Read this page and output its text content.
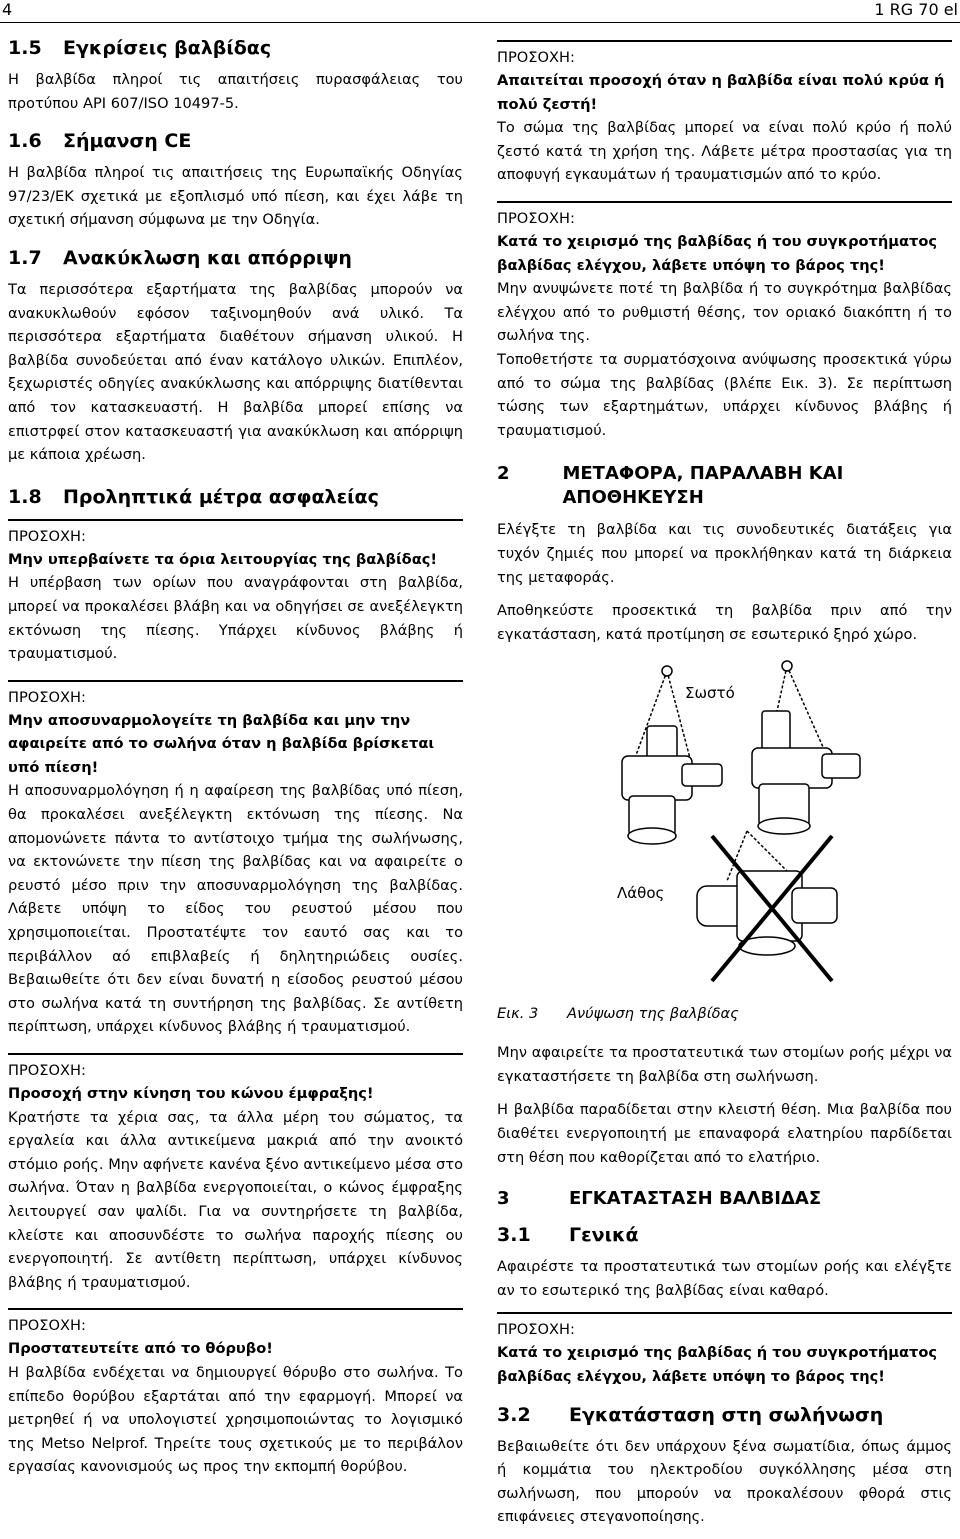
4	1 RG 70 el
1.5	Εγκρίσεις βαλβίδας

Η βαλβίδα πληροί τις απαιτήσεις πυρασφάλειας του προτύπου API 607/ISO 10497-5.

1.6	Σήμανση CE

Η βαλβίδα πληροί τις απαιτήσεις της Ευρωπαϊκής Οδηγίας 97/23/ΕΚ σχετικά με εξοπλισμό υπό πίεση, και έχει λάβε τη σχετική σήμανση σύμφωνα με την Οδηγία.

1.7	Ανακύκλωση και απόρριψη

Τα περισσότερα εξαρτήματα της βαλβίδας μπορούν να ανακυκλωθούν εφόσον ταξινομηθούν ανά υλικό. Τα περισσότερα εξαρτήματα διαθέτουν σήμανση υλικού. Η βαλβίδα συνοδεύεται από έναν κατάλογο υλικών. Επιπλέον, ξεχωριστές οδηγίες ανακύκλωσης και απόρριψης διατίθενται από τον κατασκευαστή. Η βαλβίδα μπορεί επίσης να επιστρφεί στον κατασκευαστή για ανακύκλωση και απόρριψη με κάποια χρέωση.

1.8	Προληπτικά μέτρα ασφαλείας
ΠΡΟΣΟΧΗ:

Μην υπερβαίνετε τα όρια λειτουργίας της βαλβίδας!

Η υπέρβαση των ορίων που αναγράφονται στη βαλβίδα, μπορεί να προκαλέσει βλάβη και να οδηγήσει σε ανεξέλεγκτη εκτόνωση της πίεσης. Υπάρχει κίνδυνος βλάβης ή τραυματισμού.

ΠΡΟΣΟΧΗ:

Μην αποσυναρμολογείτε τη βαλβίδα και μην την αφαιρείτε από το σωλήνα όταν η βαλβίδα βρίσκεται υπό πίεση!

Η αποσυναρμολόγηση ή η αφαίρεση της βαλβίδας υπό πίεση, θα προκαλέσει ανεξέλεγκτη εκτόνωση της πίεσης. Να απομονώνετε πάντα το αντίστοιχο τμήμα της σωλήνωσης, να εκτονώνετε την πίεση της βαλβίδας και να αφαιρείτε ο ρευστό μέσο πριν την αποσυναρμολόγηση της βαλβίδας. Λάβετε υπόψη το είδος του ρευστού μέσου που χρησιμοποιείται. Προστατέψτε τον εαυτό σας και το περιβάλλον αό επιβλαβείς ή δηλητηριώδεις ουσίες. Βεβαιωθείτε ότι δεν είναι δυνατή η είσοδος ρευστού μέσου στο σωλήνα κατά τη συντήρηση της βαλβίδας. Σε αντίθετη περίπτωση, υπάρχει κίνδυνος βλάβης ή τραυματισμού.

ΠΡΟΣΟΧΗ:

Προσοχή στην κίνηση του κώνου έμφραξης!

Κρατήστε τα χέρια σας, τα άλλα μέρη του σώματος, τα εργαλεία και άλλα αντικείμενα μακριά από την ανοικτό στόμιο ροής. Μην αφήνετε κανένα ξένο αντικείμενο μέσα στο σωλήνα. Όταν η βαλβίδα ενεργοποιείται, ο κώνος έμφραξης λειτουργεί σαν ψαλίδι. Για να συντηρήσετε τη βαλβίδα, κλείστε και αποσυνδέστε το σωλήνα παροχής πίεσης ου ενεργοποιητή. Σε αντίθετη περίπτωση, υπάρχει κίνδυνος βλάβης ή τραυματισμού.

ΠΡΟΣΟΧΗ:

Προστατευτείτε από το θόρυβο!

Η βαλβίδα ενδέχεται να δημιουργεί θόρυβο στο σωλήνα. Το επίπεδο θορύβου εξαρτάται από την εφαρμογή. Μπορεί να μετρηθεί ή να υπολογιστεί χρησιμοποιώντας το λογισμικό της Metso Nelprof. Τηρείτε τους σχετικούς με το περιβάλον εργασίας κανονισμούς ως προς την εκπομπή θορύβου.

ΠΡΟΣΟΧΗ:

Απαιτείται προσοχή όταν η βαλβίδα είναι πολύ κρύα ή πολύ ζεστή!

Το σώμα της βαλβίδας μπορεί να είναι πολύ κρύο ή πολύ ζεστό κατά τη χρήση της. Λάβετε μέτρα προστασίας για τη αποφυγή εγκαυμάτων ή τραυματισμών από το κρύο.

ΠΡΟΣΟΧΗ:

Κατά το χειρισμό της βαλβίδας ή του συγκροτήματος βαλβίδας ελέγχου, λάβετε υπόψη το βάρος της!

Μην ανυψώνετε ποτέ τη βαλβίδα ή το συγκρότημα βαλβίδας ελέγχου από το ρυθμιστή θέσης, τον οριακό διακόπτη ή το σωλήνα της.

Τοποθετήστε τα συρματόσχοινα ανύψωσης προσεκτικά γύρω από το σώμα της βαλβίδας (βλέπε Εικ. 3). Σε περίπτωση τώσης των εξαρτημάτων, υπάρχει κίνδυνος βλάβης ή τραυματισμού.

2	ΜΕΤΑΦΟΡΑ, ΠΑΡΑΛΑΒΗ ΚΑΙ ΑΠΟΘΗΚΕΥΣΗ

Ελέγξτε τη βαλβίδα και τις συνοδευτικές διατάξεις για τυχόν ζημιές που μπορεί να προκλήθηκαν κατά τη διάρκεια της μεταφοράς.

Αποθηκεύστε προσεκτικά τη βαλβίδα πριν από την εγκατάσταση, κατά προτίμηση σε εσωτερικό ξηρό χώρο.

Σωστό
Λάθος
Εικ. 3	Ανύψωση της βαλβίδας

Μην αφαιρείτε τα προστατευτικά των στομίων ροής μέχρι να εγκαταστήσετε τη βαλβίδα στη σωλήνωση.

Η βαλβίδα παραδίδεται στην κλειστή θέση. Μια βαλβίδα που διαθέτει ενεργοποιητή με επαναφορά ελατηρίου παρδίδεται στη θέση που καθορίζεται από το ελατήριο.

3	ΕΓΚΑΤΑΣΤΑΣΗ ΒΑΛΒΙΔΑΣ
3.1	Γενικά

Αφαιρέστε τα προστατευτικά των στομίων ροής και ελέγξτε αν το εσωτερικό της βαλβίδας είναι καθαρό.

ΠΡΟΣΟΧΗ:

Κατά το χειρισμό της βαλβίδας ή του συγκροτήματος βαλβίδας ελέγχου, λάβετε υπόψη το βάρος της!

3.2	Εγκατάσταση στη σωλήνωση

Βεβαιωθείτε ότι δεν υπάρχουν ξένα σωματίδια, όπως άμμος ή κομμάτια του ηλεκτροδίου συγκόλλησης μέσα στη σωλήνωση, που μπορούν να προκαλέσουν φθορά στις επιφάνειες στεγανοποίησης.
